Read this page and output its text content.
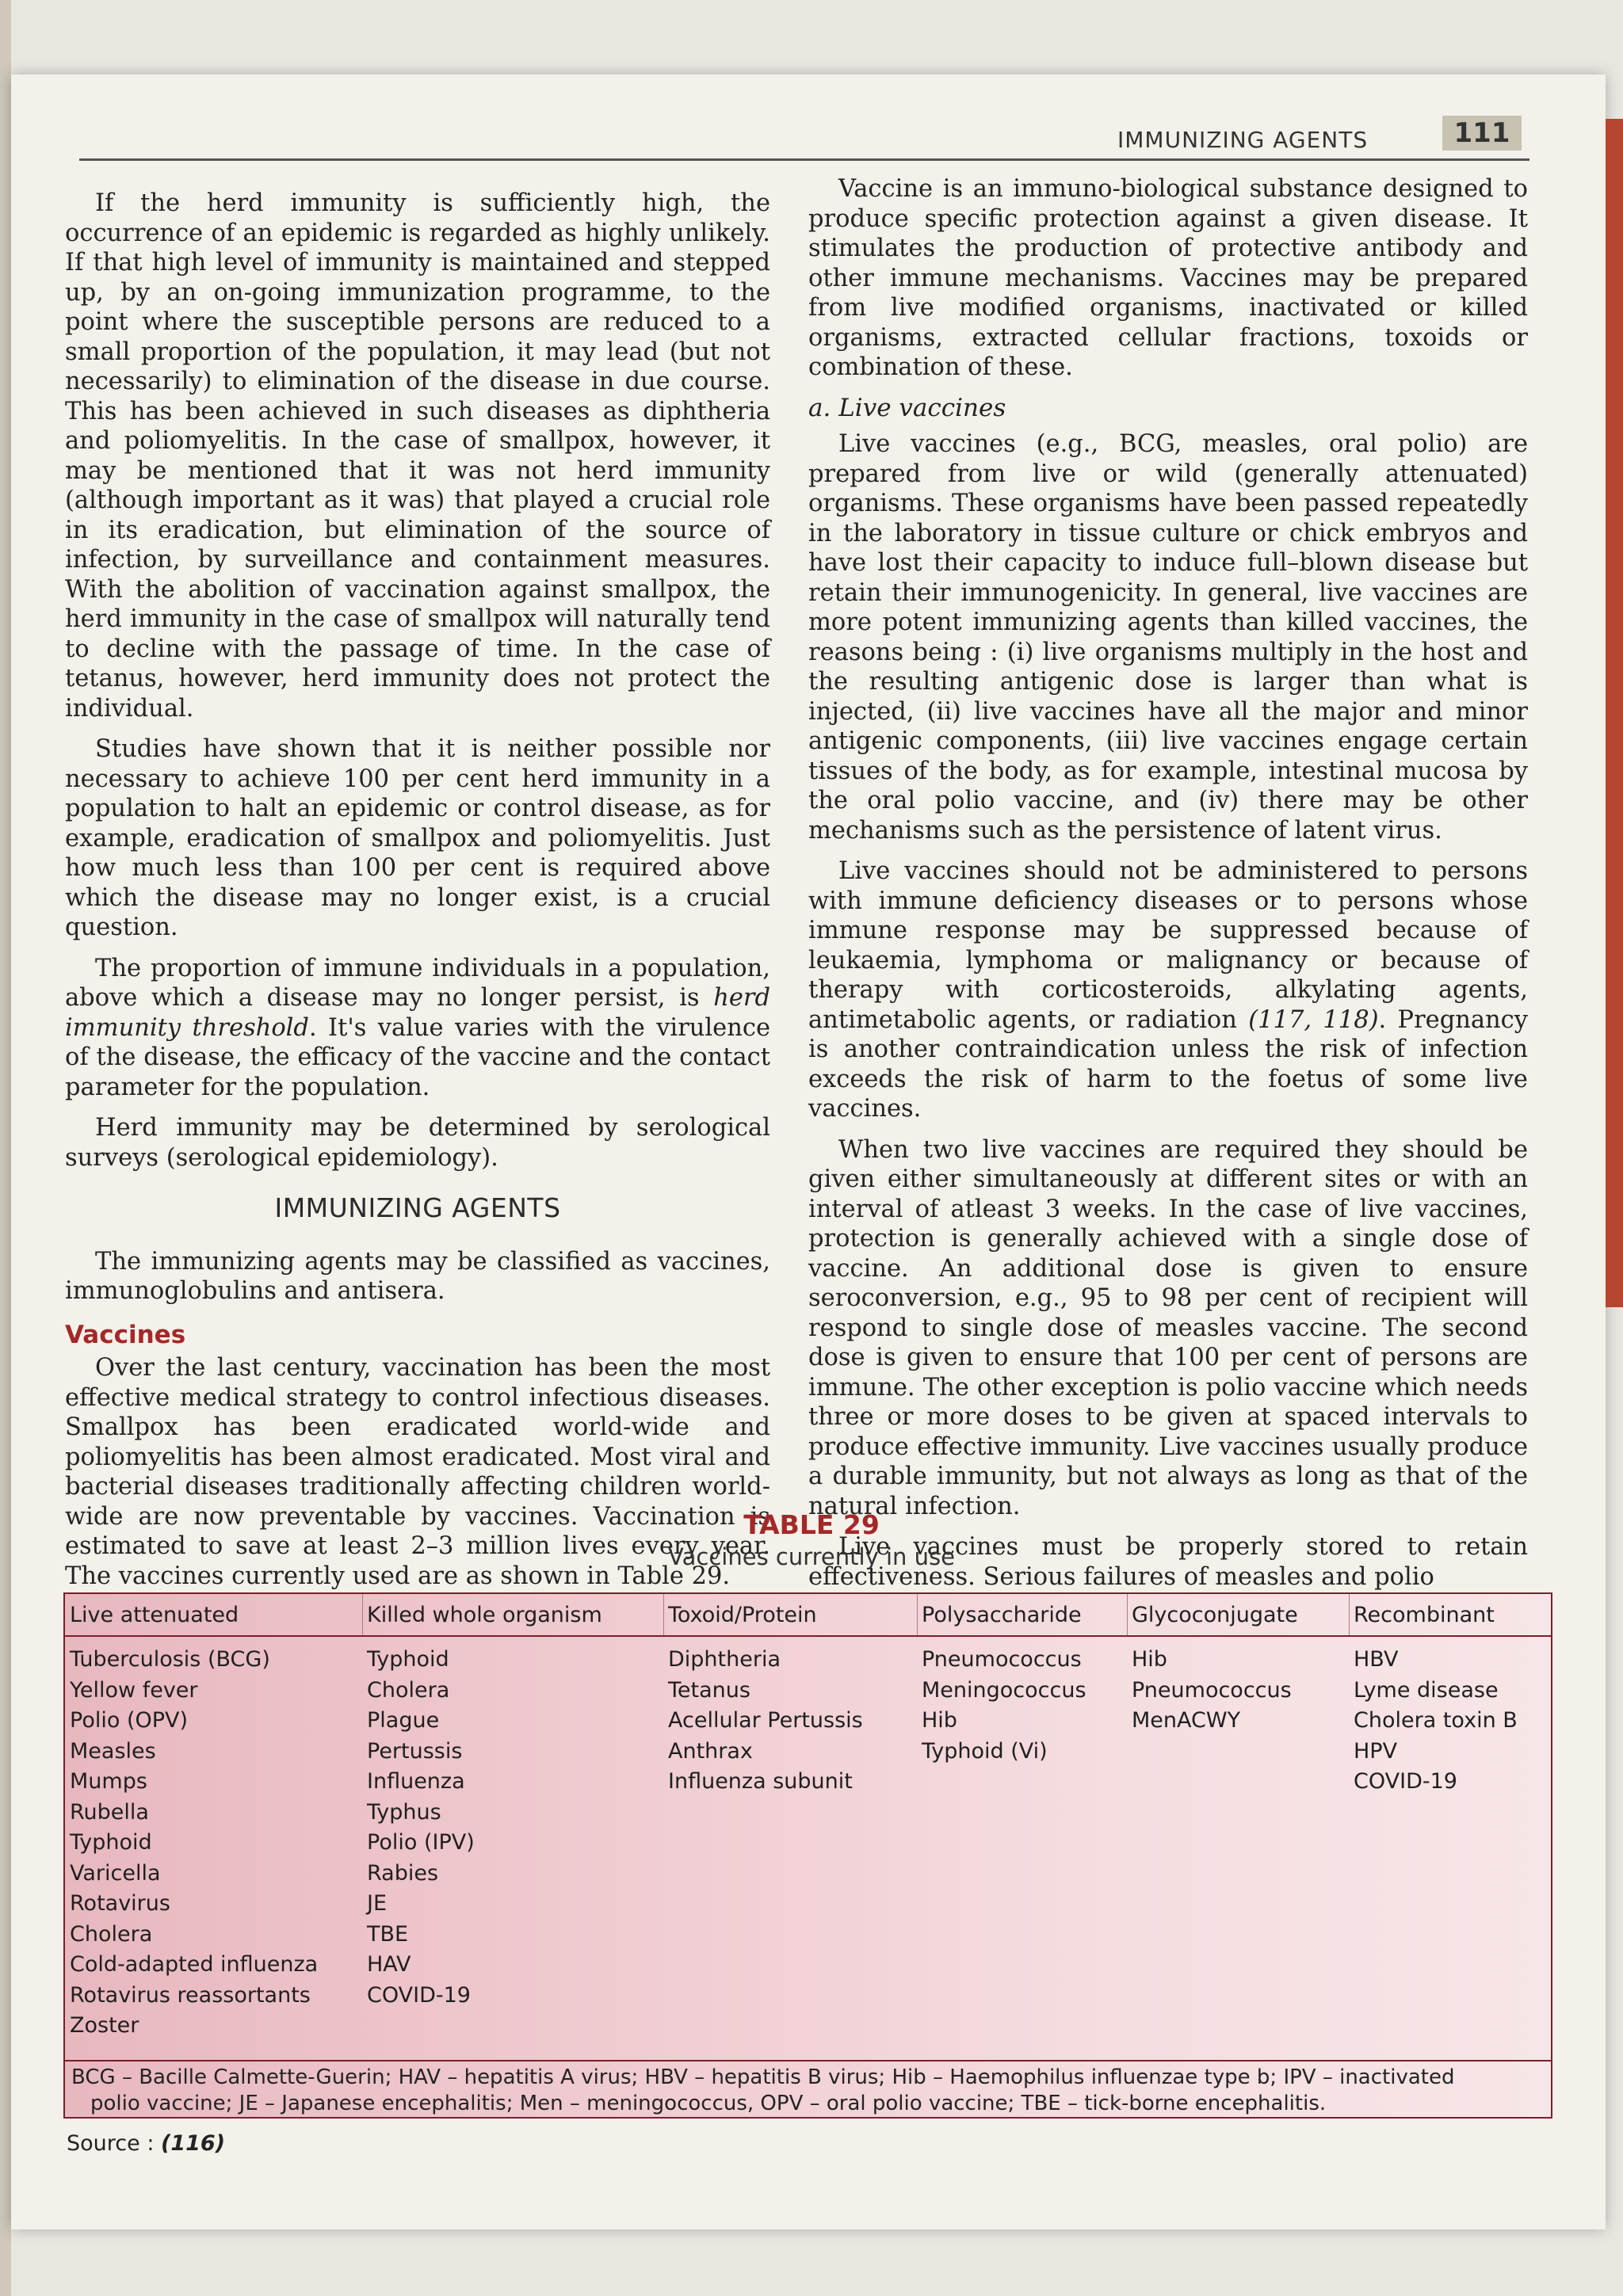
IMMUNIZING AGENTS	111

If the herd immunity is sufficiently high, the occurrence of an epidemic is regarded as highly unlikely. If that high level of immunity is maintained and stepped up, by an on-going immunization programme, to the point where the susceptible persons are reduced to a small proportion of the population, it may lead (but not necessarily) to elimination of the disease in due course. This has been achieved in such diseases as diphtheria and poliomyelitis. In the case of smallpox, however, it may be mentioned that it was not herd immunity (although important as it was) that played a crucial role in its eradication, but elimination of the source of infection, by surveillance and containment measures. With the abolition of vaccination against smallpox, the herd immunity in the case of smallpox will naturally tend to decline with the passage of time. In the case of tetanus, however, herd immunity does not protect the individual.

Studies have shown that it is neither possible nor necessary to achieve 100 per cent herd immunity in a population to halt an epidemic or control disease, as for example, eradication of smallpox and poliomyelitis. Just how much less than 100 per cent is required above which the disease may no longer exist, is a crucial question.

The proportion of immune individuals in a population, above which a disease may no longer persist, is herd immunity threshold. It's value varies with the virulence of the disease, the efficacy of the vaccine and the contact parameter for the population.

Herd immunity may be determined by serological surveys (serological epidemiology).

IMMUNIZING AGENTS

The immunizing agents may be classified as vaccines, immunoglobulins and antisera.

Vaccines

Over the last century, vaccination has been the most effective medical strategy to control infectious diseases. Smallpox has been eradicated world-wide and poliomyelitis has been almost eradicated. Most viral and bacterial diseases traditionally affecting children world-wide are now preventable by vaccines. Vaccination is estimated to save at least 2–3 million lives every year. The vaccines currently used are as shown in Table 29.

Vaccine is an immuno-biological substance designed to produce specific protection against a given disease. It stimulates the production of protective antibody and other immune mechanisms. Vaccines may be prepared from live modified organisms, inactivated or killed organisms, extracted cellular fractions, toxoids or combination of these.

a. Live vaccines

Live vaccines (e.g., BCG, measles, oral polio) are prepared from live or wild (generally attenuated) organisms. These organisms have been passed repeatedly in the laboratory in tissue culture or chick embryos and have lost their capacity to induce full–blown disease but retain their immunogenicity. In general, live vaccines are more potent immunizing agents than killed vaccines, the reasons being : (i) live organisms multiply in the host and the resulting antigenic dose is larger than what is injected, (ii) live vaccines have all the major and minor antigenic components, (iii) live vaccines engage certain tissues of the body, as for example, intestinal mucosa by the oral polio vaccine, and (iv) there may be other mechanisms such as the persistence of latent virus.

Live vaccines should not be administered to persons with immune deficiency diseases or to persons whose immune response may be suppressed because of leukaemia, lymphoma or malignancy or because of therapy with corticosteroids, alkylating agents, antimetabolic agents, or radiation (117, 118). Pregnancy is another contraindication unless the risk of infection exceeds the risk of harm to the foetus of some live vaccines.

When two live vaccines are required they should be given either simultaneously at different sites or with an interval of atleast 3 weeks. In the case of live vaccines, protection is generally achieved with a single dose of vaccine. An additional dose is given to ensure seroconversion, e.g., 95 to 98 per cent of recipient will respond to single dose of measles vaccine. The second dose is given to ensure that 100 per cent of persons are immune. The other exception is polio vaccine which needs three or more doses to be given at spaced intervals to produce effective immunity. Live vaccines usually produce a durable immunity, but not always as long as that of the natural infection.

Live vaccines must be properly stored to retain effectiveness. Serious failures of measles and polio

TABLE 29
Vaccines currently in use
Live attenuated
Tuberculosis (BCG)
Yellow fever
Polio (OPV)
Measles
Mumps
Rubella
Typhoid
Varicella
Rotavirus
Cholera
Cold-adapted influenza
Rotavirus reassortants
Zoster
Killed whole organism
Typhoid
Cholera
Plague
Pertussis
Influenza
Typhus
Polio (IPV)
Rabies
JE
TBE
HAV
COVID-19
Toxoid/Protein
Diphtheria
Tetanus
Acellular Pertussis
Anthrax
Influenza subunit
Polysaccharide
Pneumococcus
Meningococcus
Hib
Typhoid (Vi)
Glycoconjugate
Hib
Pneumococcus
MenACWY
Recombinant
HBV
Lyme disease
Cholera toxin B
HPV
COVID-19
BCG – Bacille Calmette-Guerin; HAV – hepatitis A virus; HBV – hepatitis B virus; Hib – Haemophilus influenzae type b; IPV – inactivated
polio vaccine; JE – Japanese encephalitis; Men – meningococcus, OPV – oral polio vaccine; TBE – tick-borne encephalitis.
Source : (116)
